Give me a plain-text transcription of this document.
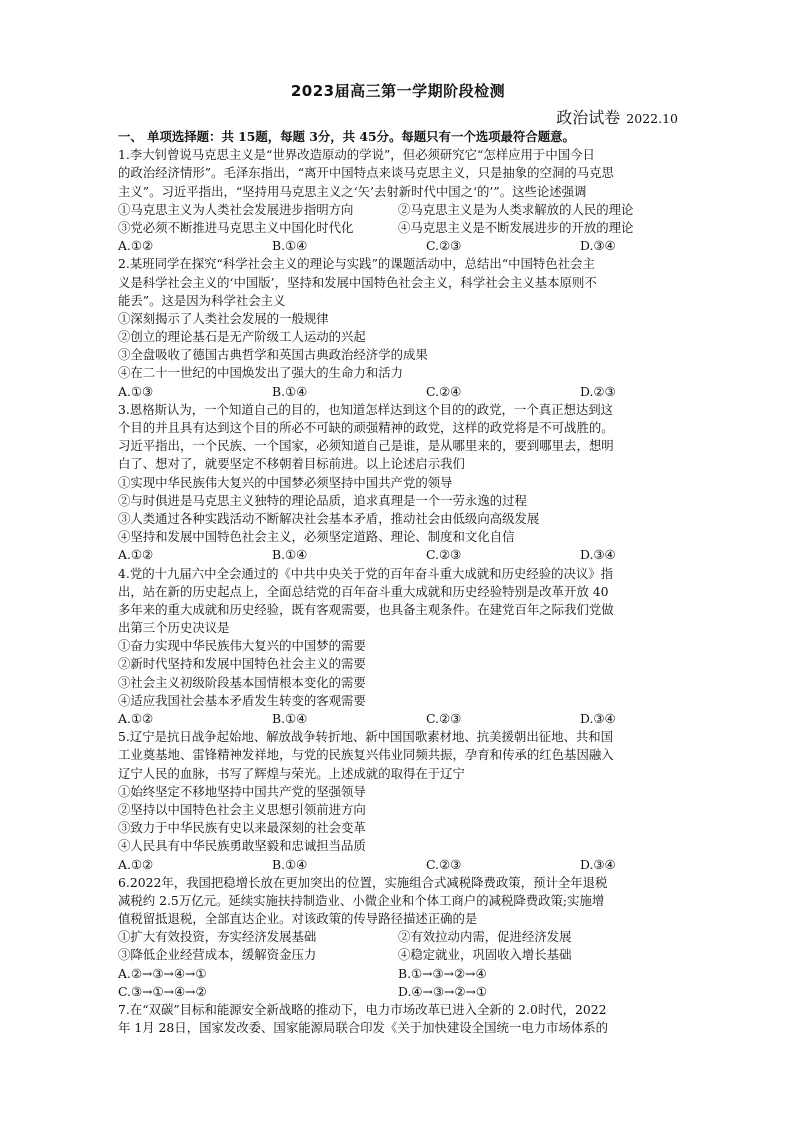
2023届高三第一学期阶段检测
政治试卷 2022.10
一、 单项选择题：共 15题，每题 3分，共 45分。每题只有一个选项最符合题意。
1.李大钊曾说马克思主义是“世界改造原动的学说”，但必须研究它“怎样应用于中国今日
的政治经济情形”。毛泽东指出，“离开中国特点来谈马克思主义，只是抽象的空洞的马克思
主义”。习近平指出，“坚持用马克思主义之‘矢’去射新时代中国之‘的’”。这些论述强调
①马克思主义为人类社会发展进步指明方向	②马克思主义是为人类求解放的人民的理论
③党必须不断推进马克思主义中国化时代化	④马克思主义是不断发展进步的开放的理论
A.①②	B.①④	C.②③	D.③④
2.某班同学在探究“科学社会主义的理论与实践”的课题活动中，总结出“中国特色社会主
义是科学社会主义的‘中国版’，坚持和发展中国特色社会主义，科学社会主义基本原则不
能丢”。这是因为科学社会主义
①深刻揭示了人类社会发展的一般规律
②创立的理论基石是无产阶级工人运动的兴起
③全盘吸收了德国古典哲学和英国古典政治经济学的成果
④在二十一世纪的中国焕发出了强大的生命力和活力
A.①③	B.①④	C.②④	D.②③
3.恩格斯认为，一个知道自己的目的，也知道怎样达到这个目的的政党，一个真正想达到这
个目的并且具有达到这个目的所必不可缺的顽强精神的政党，这样的政党将是不可战胜的。
习近平指出，一个民族、一个国家，必须知道自己是谁，是从哪里来的，要到哪里去，想明
白了、想对了，就要坚定不移朝着目标前进。以上论述启示我们
①实现中华民族伟大复兴的中国梦必须坚持中国共产党的领导
②与时俱进是马克思主义独特的理论品质，追求真理是一个一劳永逸的过程
③人类通过各种实践活动不断解决社会基本矛盾，推动社会由低级向高级发展
④坚持和发展中国特色社会主义，必须坚定道路、理论、制度和文化自信
A.①②	B.①④	C.②③	D.③④
4.党的十九届六中全会通过的《中共中央关于党的百年奋斗重大成就和历史经验的决议》指
出，站在新的历史起点上，全面总结党的百年奋斗重大成就和历史经验特别是改革开放 40
多年来的重大成就和历史经验，既有客观需要，也具备主观条件。在建党百年之际我们党做
出第三个历史决议是
①奋力实现中华民族伟大复兴的中国梦的需要
②新时代坚持和发展中国特色社会主义的需要
③社会主义初级阶段基本国情根本变化的需要
④适应我国社会基本矛盾发生转变的客观需要
A.①②	B.①④	C.②③	D.③④
5.辽宁是抗日战争起始地、解放战争转折地、新中国国歌素材地、抗美援朝出征地、共和国
工业奠基地、雷锋精神发祥地，与党的民族复兴伟业同频共振，孕育和传承的红色基因融入
辽宁人民的血脉，书写了辉煌与荣光。上述成就的取得在于辽宁
①始终坚定不移地坚持中国共产党的坚强领导
②坚持以中国特色社会主义思想引领前进方向
③致力于中华民族有史以来最深刻的社会变革
④人民具有中华民族勇敢坚毅和忠诚担当品质
A.①②	B.①④	C.②③	D.③④
6.2022年，我国把稳增长放在更加突出的位置，实施组合式减税降费政策，预计全年退税
减税约 2.5万亿元。延续实施扶持制造业、小微企业和个体工商户的减税降费政策;实施增
值税留抵退税，全部直达企业。对该政策的传导路径描述正确的是
①扩大有效投资，夯实经济发展基础	②有效拉动内需，促进经济发展
③降低企业经营成本，缓解资金压力	④稳定就业，巩固收入增长基础
A.②→③→④→①	B.①→③→②→④
C.③→①→④→②	D.④→③→②→①
7.在“双碳”目标和能源安全新战略的推动下，电力市场改革已进入全新的 2.0时代，2022
年 1月 28日，国家发改委、国家能源局联合印发《关于加快建设全国统一电力市场体系的
